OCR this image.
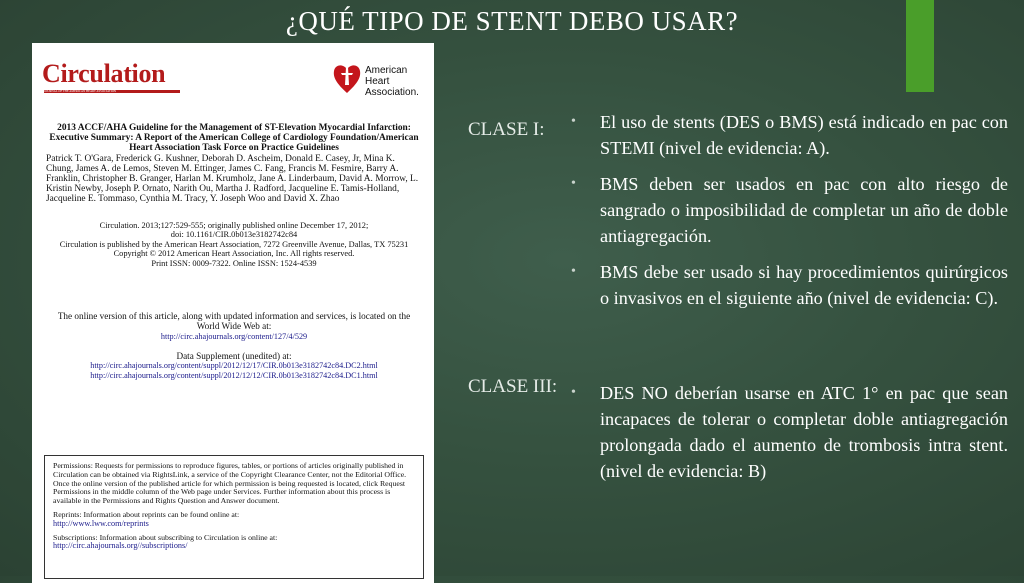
¿QUÉ TIPO DE STENT DEBO USAR?
Circulation
JOURNAL OF THE AMERICAN HEART ASSOCIATION
American
Heart
Association.
2013 ACCF/AHA Guideline for the Management of ST-Elevation Myocardial Infarction: Executive Summary: A Report of the American College of Cardiology Foundation/American Heart Association Task Force on Practice Guidelines
Patrick T. O'Gara, Frederick G. Kushner, Deborah D. Ascheim, Donald E. Casey, Jr, Mina K. Chung, James A. de Lemos, Steven M. Ettinger, James C. Fang, Francis M. Fesmire, Barry A. Franklin, Christopher B. Granger, Harlan M. Krumholz, Jane A. Linderbaum, David A. Morrow, L. Kristin Newby, Joseph P. Ornato, Narith Ou, Martha J. Radford, Jacqueline E. Tamis-Holland, Jacqueline E. Tommaso, Cynthia M. Tracy, Y. Joseph Woo and David X. Zhao
Circulation. 2013;127:529-555; originally published online December 17, 2012;
doi: 10.1161/CIR.0b013e3182742c84
Circulation is published by the American Heart Association, 7272 Greenville Avenue, Dallas, TX 75231
Copyright © 2012 American Heart Association, Inc. All rights reserved.
Print ISSN: 0009-7322. Online ISSN: 1524-4539
The online version of this article, along with updated information and services, is located on the World Wide Web at:
http://circ.ahajournals.org/content/127/4/529
Data Supplement (unedited) at:
http://circ.ahajournals.org/content/suppl/2012/12/17/CIR.0b013e3182742c84.DC2.html
http://circ.ahajournals.org/content/suppl/2012/12/12/CIR.0b013e3182742c84.DC1.html

Permissions: Requests for permissions to reproduce figures, tables, or portions of articles originally published in Circulation can be obtained via RightsLink, a service of the Copyright Clearance Center, not the Editorial Office. Once the online version of the published article for which permission is being requested is located, click Request Permissions in the middle column of the Web page under Services. Further information about this process is available in the Permissions and Rights Question and Answer document.

Reprints: Information about reprints can be found online at:
http://www.lww.com/reprints

Subscriptions: Information about subscribing to Circulation is online at:
http://circ.ahajournals.org//subscriptions/

CLASE I:
CLASE III:
• El uso de stents (DES o BMS) está indicado en pac con STEMI (nivel de evidencia: A).
• BMS deben ser usados en pac con alto riesgo de sangrado o imposibilidad de completar un año de doble antiagregación.
• BMS debe ser usado si hay procedimientos quirúrgicos o invasivos en el siguiente año (nivel de evidencia: C).
• DES NO deberían usarse en ATC 1° en pac que sean incapaces de tolerar o completar doble antiagregación prolongada dado el aumento de trombosis intra stent. (nivel de evidencia: B)
